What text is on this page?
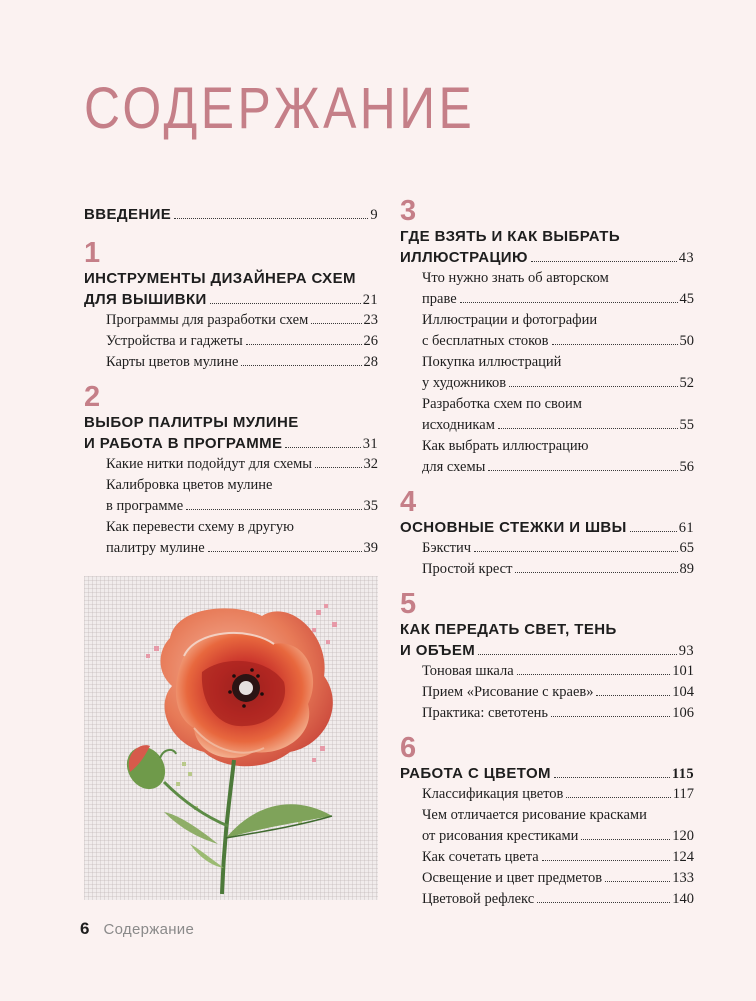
СОДЕРЖАНИЕ
ВВЕДЕНИЕ	9
1
ИНСТРУМЕНТЫ ДИЗАЙНЕРА СХЕМ
ДЛЯ ВЫШИВКИ	21
Программы для разработки схем	23
Устройства и гаджеты	26
Карты цветов мулине	28
2
ВЫБОР ПАЛИТРЫ МУЛИНЕ
И РАБОТА В ПРОГРАММЕ	31
Какие нитки подойдут для схемы	32
Калибровка цветов мулине
в программе	35
Как перевести схему в другую
палитру мулине	39
3
ГДЕ ВЗЯТЬ И КАК ВЫБРАТЬ
ИЛЛЮСТРАЦИЮ	43
Что нужно знать об авторском
праве	45
Иллюстрации и фотографии
с бесплатных стоков	50
Покупка иллюстраций
у художников	52
Разработка схем по своим
исходникам	55
Как выбрать иллюстрацию
для схемы	56
4
ОСНОВНЫЕ СТЕЖКИ И ШВЫ	61
Бэкстич	65
Простой крест	89
5
КАК ПЕРЕДАТЬ СВЕТ, ТЕНЬ
И ОБЪЕМ	93
Тоновая шкала	101
Прием «Рисование с краев»	104
Практика: светотень	106
6
РАБОТА С ЦВЕТОМ	115
Классификация цветов	117
Чем отличается рисование красками
от рисования крестиками	120
Как сочетать цвета	124
Освещение и цвет предметов	133
Цветовой рефлекс	140
6 Содержание
